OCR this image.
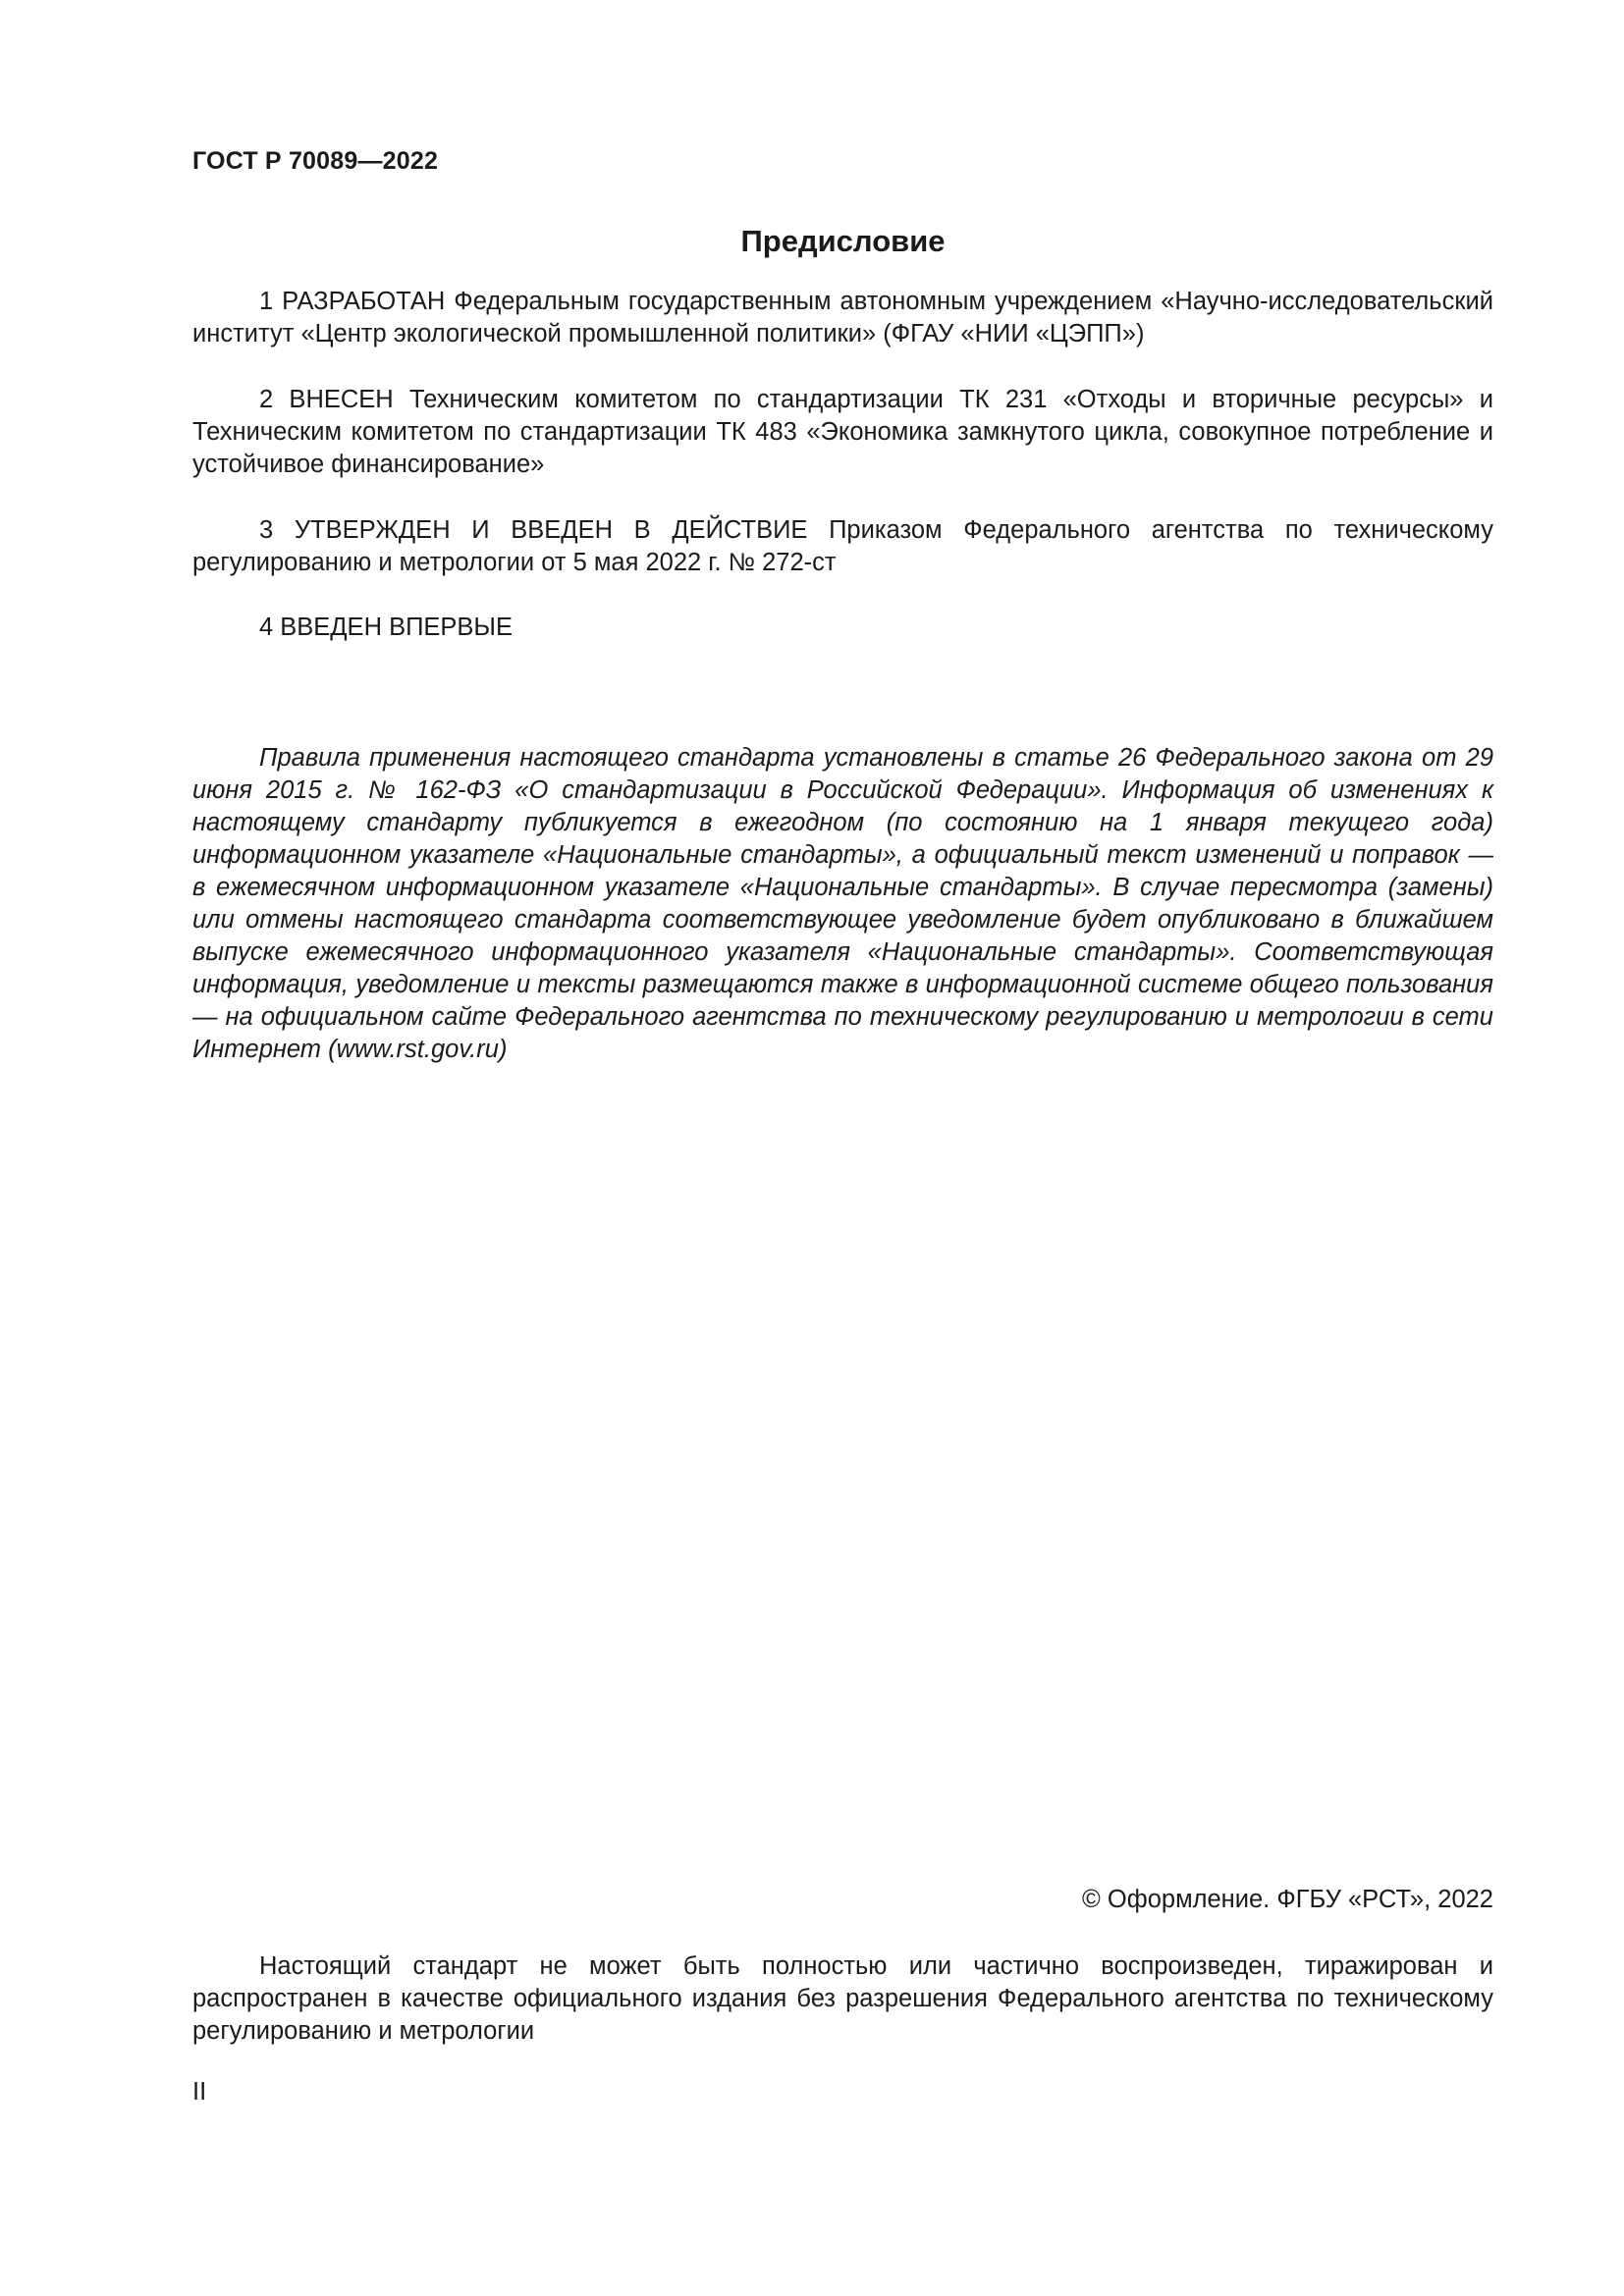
ГОСТ Р 70089—2022
Предисловие

1 РАЗРАБОТАН Федеральным государственным автономным учреждением «Научно-исследовательский институт «Центр экологической промышленной политики» (ФГАУ «НИИ «ЦЭПП»)

2 ВНЕСЕН Техническим комитетом по стандартизации ТК 231 «Отходы и вторичные ресурсы» и Техническим комитетом по стандартизации ТК 483 «Экономика замкнутого цикла, совокупное потребление и устойчивое финансирование»

3 УТВЕРЖДЕН И ВВЕДЕН В ДЕЙСТВИЕ Приказом Федерального агентства по техническому регулированию и метрологии от 5 мая 2022 г. № 272-ст

4 ВВЕДЕН ВПЕРВЫЕ

Правила применения настоящего стандарта установлены в статье 26 Федерального закона от 29 июня 2015 г. № 162-ФЗ «О стандартизации в Российской Федерации». Информация об изменениях к настоящему стандарту публикуется в ежегодном (по состоянию на 1 января текущего года) информационном указателе «Национальные стандарты», а официальный текст изменений и поправок — в ежемесячном информационном указателе «Национальные стандарты». В случае пересмотра (замены) или отмены настоящего стандарта соответствующее уведомление будет опубликовано в ближайшем выпуске ежемесячного информационного указателя «Национальные стандарты». Соответствующая информация, уведомление и тексты размещаются также в информационной системе общего пользования — на официальном сайте Федерального агентства по техническому регулированию и метрологии в сети Интернет (www.rst.gov.ru)

© Оформление. ФГБУ «РСТ», 2022

Настоящий стандарт не может быть полностью или частично воспроизведен, тиражирован и распространен в качестве официального издания без разрешения Федерального агентства по техническому регулированию и метрологии

II
